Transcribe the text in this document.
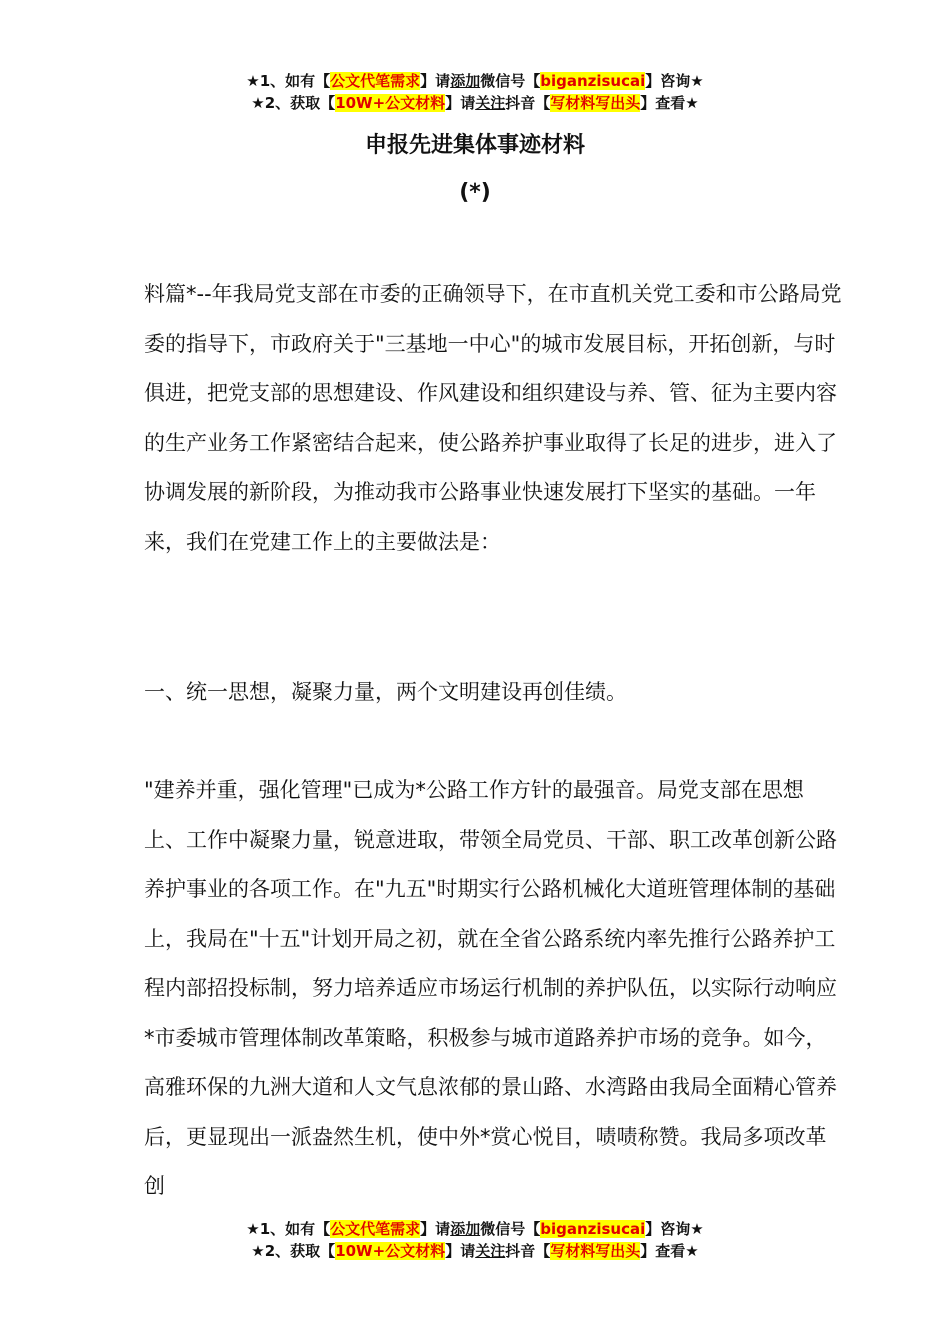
★1、如有【公文代笔需求】请添加微信号【biganzisucai】咨询★
★2、获取【10W+公文材料】请关注抖音【写材料写出头】查看★
申报先进集体事迹材料
(*)

料篇*--年我局党支部在市委的正确领导下，在市直机关党工委和市公路局党委的指导下，市政府关于"三基地一中心"的城市发展目标，开拓创新，与时俱进，把党支部的思想建设、作风建设和组织建设与养、管、征为主要内容的生产业务工作紧密结合起来，使公路养护事业取得了长足的进步，进入了协调发展的新阶段，为推动我市公路事业快速发展打下坚实的基础。一年来，我们在党建工作上的主要做法是：

一、统一思想，凝聚力量，两个文明建设再创佳绩。

"建养并重，强化管理"已成为*公路工作方针的最强音。局党支部在思想上、工作中凝聚力量，锐意进取，带领全局党员、干部、职工改革创新公路养护事业的各项工作。在"九五"时期实行公路机械化大道班管理体制的基础上，我局在"十五"计划开局之初，就在全省公路系统内率先推行公路养护工程内部招投标制，努力培养适应市场运行机制的养护队伍，以实际行动响应*市委城市管理体制改革策略，积极参与城市道路养护市场的竞争。如今，高雅环保的九洲大道和人文气息浓郁的景山路、水湾路由我局全面精心管养后，更显现出一派盎然生机，使中外*赏心悦目，啧啧称赞。我局多项改革创

★1、如有【公文代笔需求】请添加微信号【biganzisucai】咨询★
★2、获取【10W+公文材料】请关注抖音【写材料写出头】查看★
